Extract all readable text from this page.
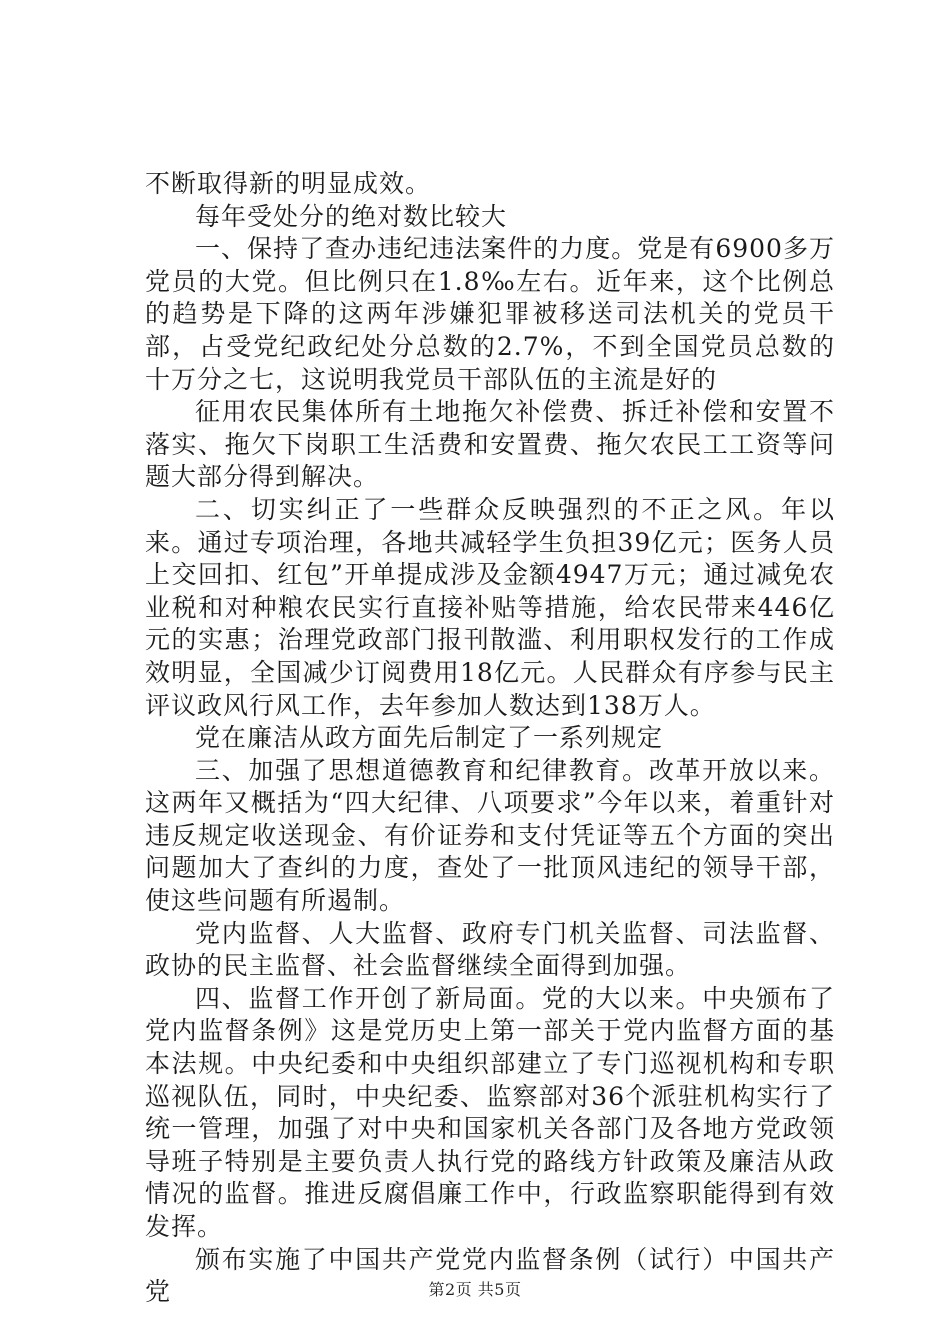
不断取得新的明显成效。

每年受处分的绝对数比较大

一、保持了查办违纪违法案件的力度。党是有6900多万党员的大党。但比例只在1.8‰左右。近年来，这个比例总的趋势是下降的这两年涉嫌犯罪被移送司法机关的党员干部，占受党纪政纪处分总数的2.7%，不到全国党员总数的十万分之七，这说明我党员干部队伍的主流是好的

征用农民集体所有土地拖欠补偿费、拆迁补偿和安置不落实、拖欠下岗职工生活费和安置费、拖欠农民工工资等问题大部分得到解决。

二、切实纠正了一些群众反映强烈的不正之风。年以来。通过专项治理，各地共减轻学生负担39亿元；医务人员上交回扣、红包”开单提成涉及金额4947万元；通过减免农业税和对种粮农民实行直接补贴等措施，给农民带来446亿元的实惠；治理党政部门报刊散滥、利用职权发行的工作成效明显，全国减少订阅费用18亿元。人民群众有序参与民主评议政风行风工作，去年参加人数达到138万人。

党在廉洁从政方面先后制定了一系列规定

三、加强了思想道德教育和纪律教育。改革开放以来。这两年又概括为“四大纪律、八项要求”今年以来，着重针对违反规定收送现金、有价证券和支付凭证等五个方面的突出问题加大了查纠的力度，查处了一批顶风违纪的领导干部，使这些问题有所遏制。

党内监督、人大监督、政府专门机关监督、司法监督、政协的民主监督、社会监督继续全面得到加强。

四、监督工作开创了新局面。党的大以来。中央颁布了党内监督条例》这是党历史上第一部关于党内监督方面的基本法规。中央纪委和中央组织部建立了专门巡视机构和专职巡视队伍，同时，中央纪委、监察部对36个派驻机构实行了统一管理，加强了对中央和国家机关各部门及各地方党政领导班子特别是主要负责人执行党的路线方针政策及廉洁从政情况的监督。推进反腐倡廉工作中，行政监察职能得到有效发挥。

颁布实施了中国共产党党内监督条例（试行）中国共产党	第2页 共5页
